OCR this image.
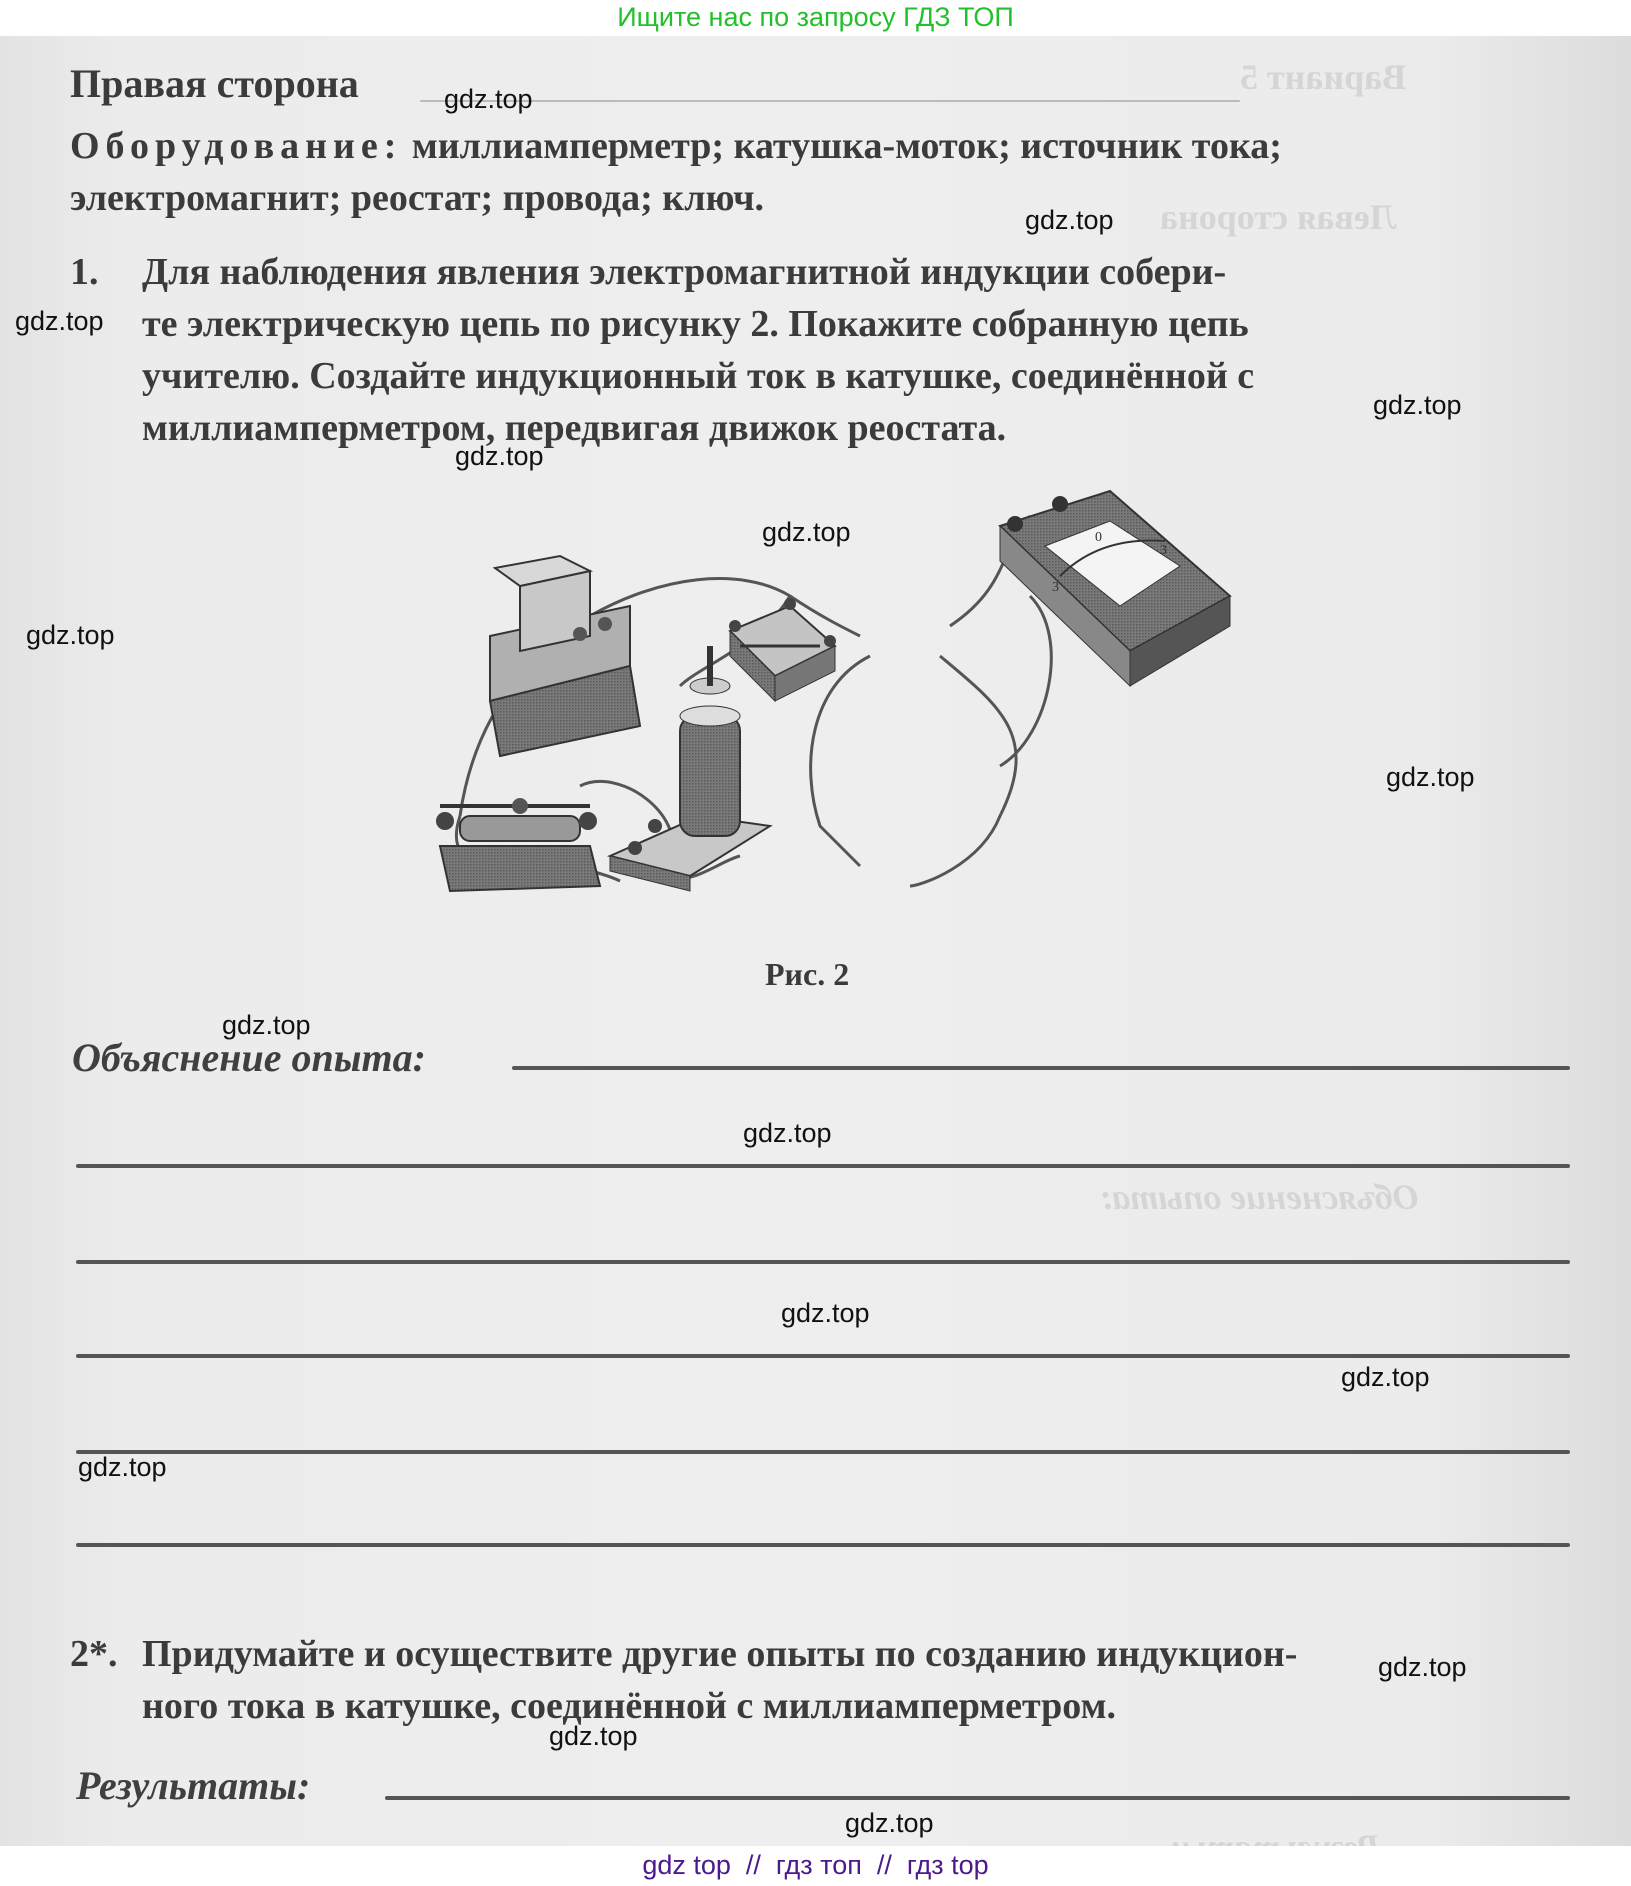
Ищите нас по запросу ГДЗ ТОП
Вариант 5
Левая сторона
Объяснение опыта:
Правая сторона
Оборудование: миллиамперметр; катушка-моток; источник тока;
электромагнит; реостат; провода; ключ.
1. Для наблюдения явления электромагнитной индукции собери-
те электрическую цепь по рисунку 2. Покажите собранную цепь
учителю. Создайте индукционный ток в катушке, соединённой с
миллиамперметром, передвигая движок реостата.
3
0
3
Рис. 2
Объяснение опыта:
2*. Придумайте и осуществите другие опыты по созданию индукцион-
ного тока в катушке, соединённой с миллиамперметром.
Результаты:
gdz.top
gdz.top
gdz.top
gdz.top
gdz.top
gdz.top
gdz.top
gdz.top
gdz.top
gdz.top
gdz.top
gdz.top
gdz.top
gdz.top
gdz.top
gdz.top
gdz top  //  гдз топ  //  гдз top
